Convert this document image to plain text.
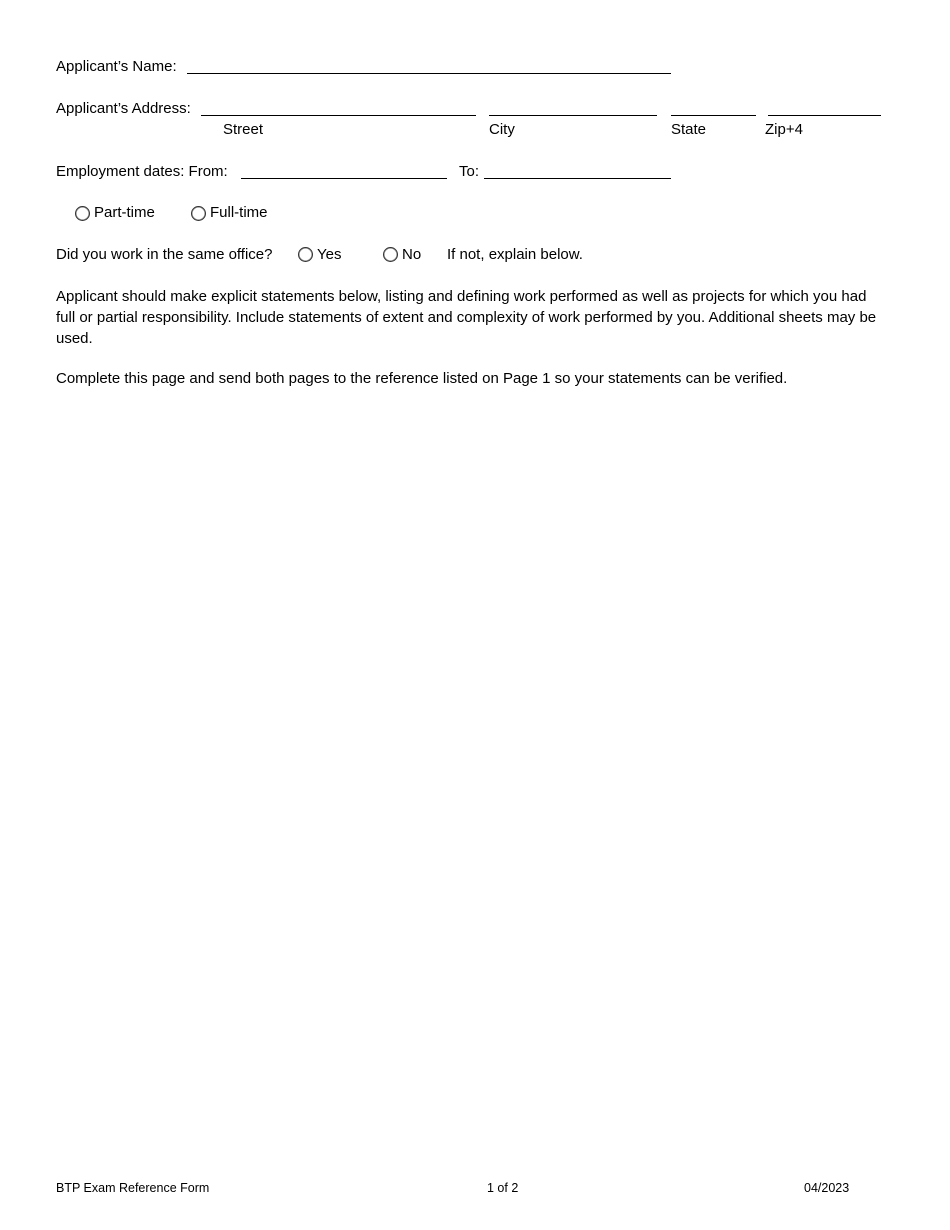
Applicant’s Name:
Applicant’s Address:
Street	City	State	Zip+4
Employment dates: From:	To:
Part-time	Full-time
Did you work in the same office?	Yes	No If not, explain below.
Applicant should make explicit statements below, listing and defining work performed as well as projects for which you had full or partial responsibility. Include statements of extent and complexity of work performed by you. Additional sheets may be used.
Complete this page and send both pages to the reference listed on Page 1 so your statements can be verified.
BTP Exam Reference Form	1 of 2	04/2023
